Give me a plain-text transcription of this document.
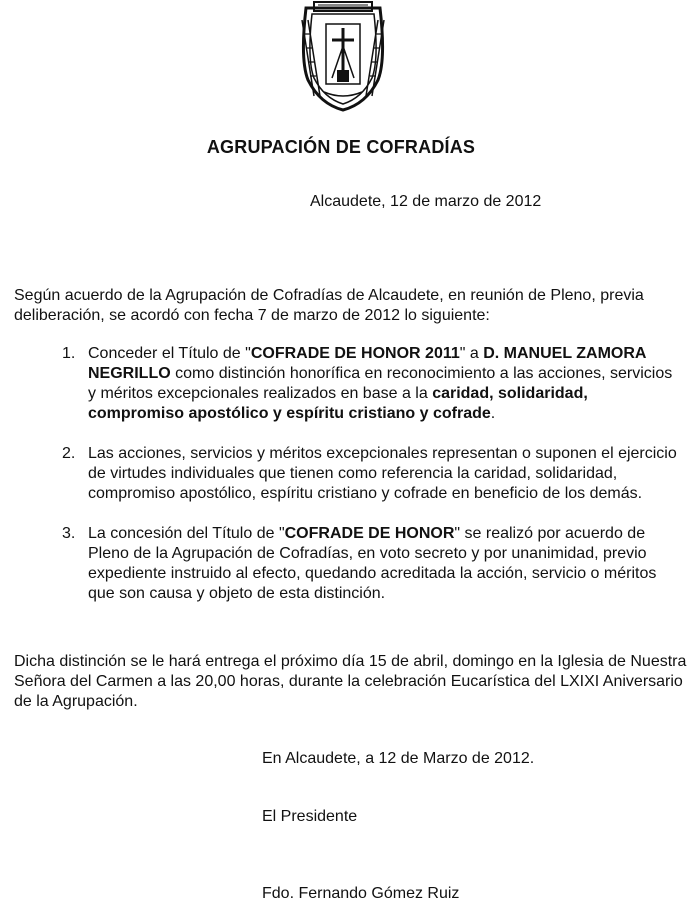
AGRUPACIÓN DE COFRADÍAS
Alcaudete, 12 de marzo de 2012
Según acuerdo de la Agrupación de Cofradías de Alcaudete, en reunión de Pleno, previa deliberación, se acordó con fecha 7 de marzo de 2012 lo siguiente:
1. Conceder el Título de "COFRADE DE HONOR 2011" a D. MANUEL ZAMORA NEGRILLO como distinción honorífica en reconocimiento a las acciones, servicios y méritos excepcionales realizados en base a la caridad, solidaridad, compromiso apostólico y espíritu cristiano y cofrade.
2. Las acciones, servicios y méritos excepcionales representan o suponen el ejercicio de virtudes individuales que tienen como referencia la caridad, solidaridad, compromiso apostólico, espíritu cristiano y cofrade en beneficio de los demás.
3. La concesión del Título de "COFRADE DE HONOR" se realizó por acuerdo de Pleno de la Agrupación de Cofradías, en voto secreto y por unanimidad, previo expediente instruido al efecto, quedando acreditada la acción, servicio o méritos que son causa y objeto de esta distinción.
Dicha distinción se le hará entrega el próximo día 15 de abril, domingo en la Iglesia de Nuestra Señora del Carmen a las 20,00 horas, durante la celebración Eucarística del LXIXI Aniversario de la Agrupación.
En Alcaudete, a 12 de Marzo de 2012.
El Presidente
Fdo. Fernando Gómez Ruiz
